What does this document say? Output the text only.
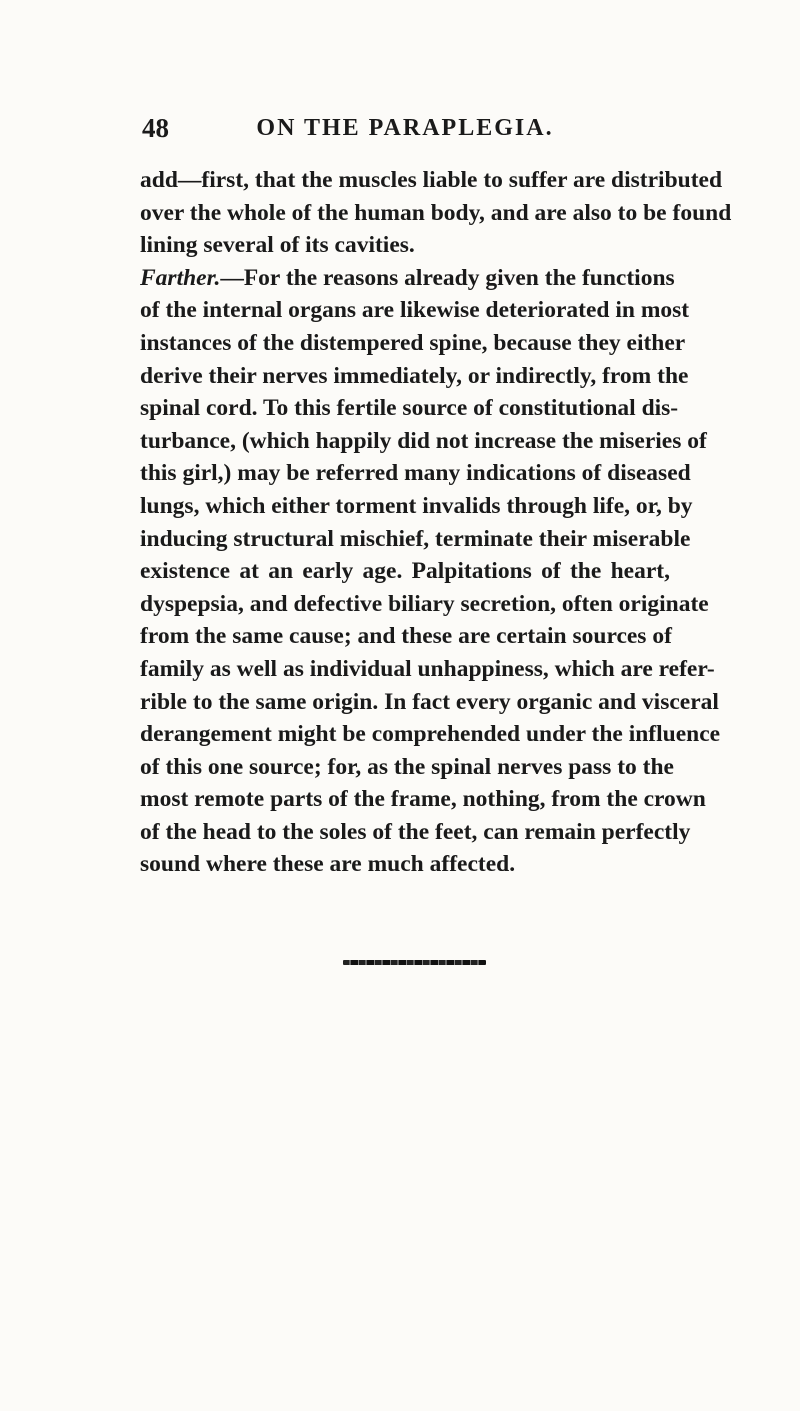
48	ON THE PARAPLEGIA.
add—first, that the muscles liable to suffer are distributed
over the whole of the human body, and are also to be found
lining several of its cavities.
Farther.—For the reasons already given the functions
of the internal organs are likewise deteriorated in most
instances of the distempered spine, because they either
derive their nerves immediately, or indirectly, from the
spinal cord. To this fertile source of constitutional dis-
turbance, (which happily did not increase the miseries of
this girl,) may be referred many indications of diseased
lungs, which either torment invalids through life, or, by
inducing structural mischief, terminate their miserable
existence at an early age. Palpitations of the heart,
dyspepsia, and defective biliary secretion, often originate
from the same cause; and these are certain sources of
family as well as individual unhappiness, which are refer-
rible to the same origin. In fact every organic and visceral
derangement might be comprehended under the influence
of this one source; for, as the spinal nerves pass to the
most remote parts of the frame, nothing, from the crown
of the head to the soles of the feet, can remain perfectly
sound where these are much affected.
